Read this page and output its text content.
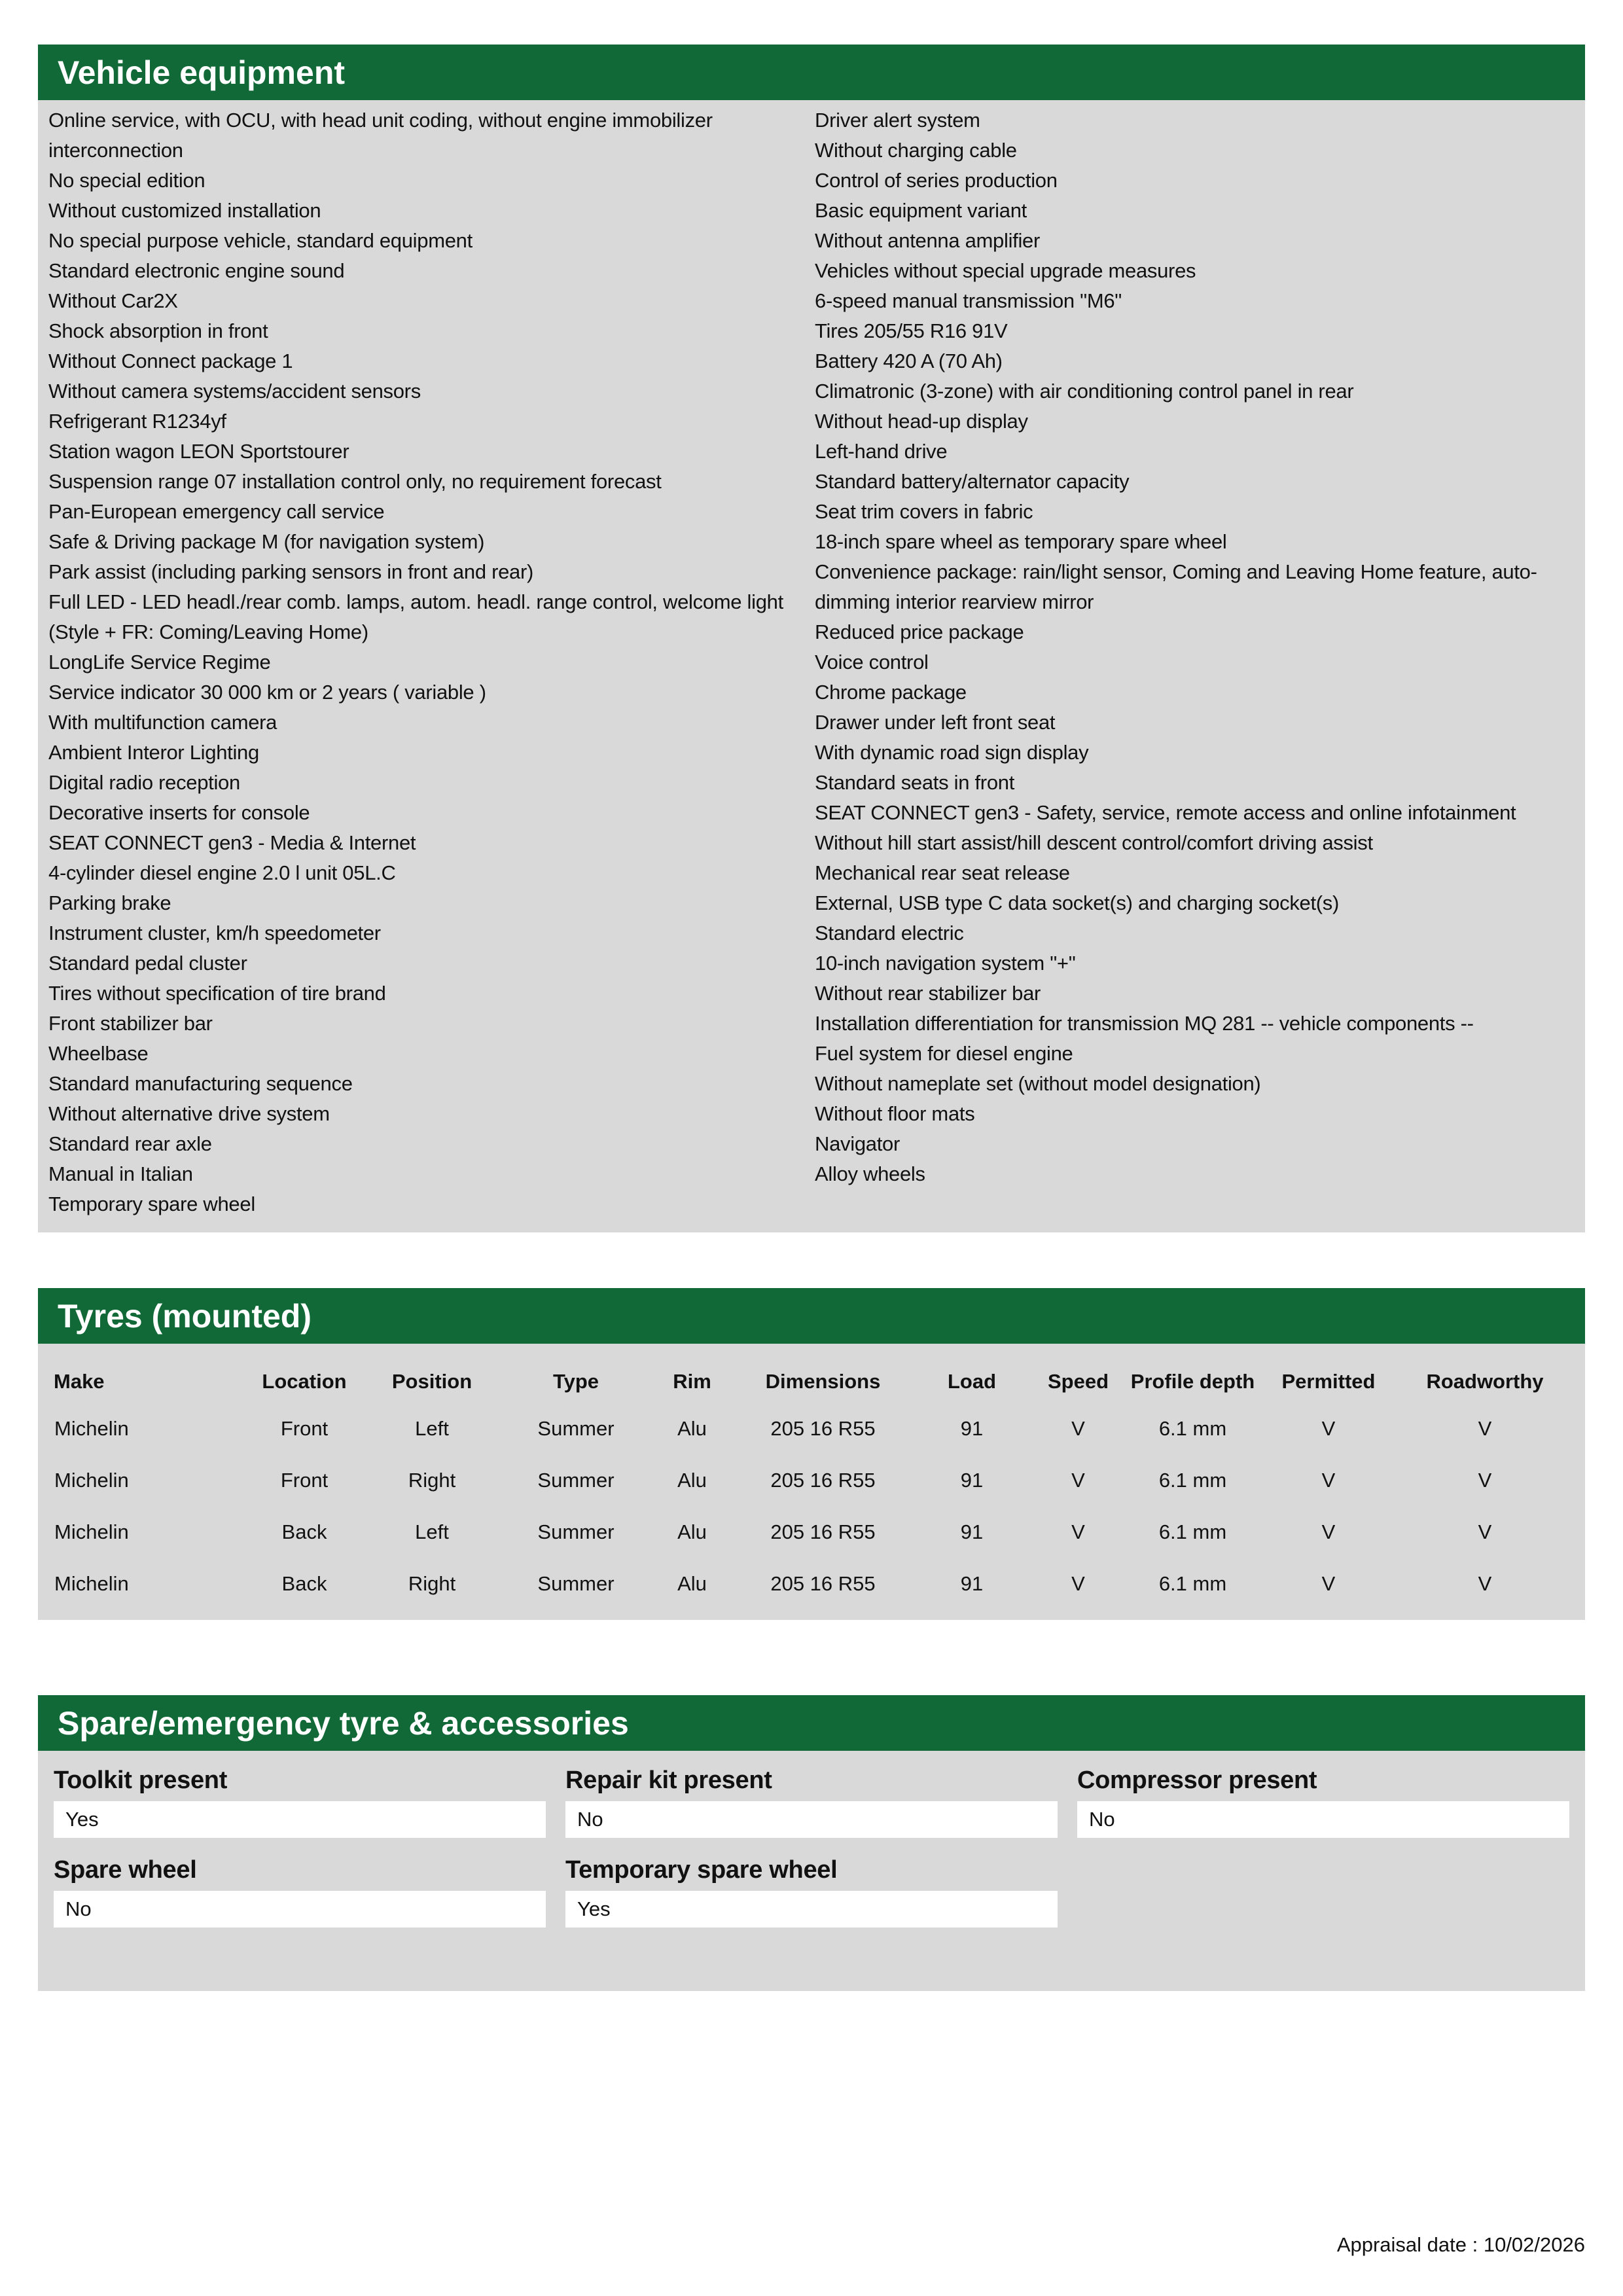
Vehicle equipment
Online service, with OCU, with head unit coding, without engine immobilizer interconnection
No special edition
Without customized installation
No special purpose vehicle, standard equipment
Standard electronic engine sound
Without Car2X
Shock absorption in front
Without Connect package 1
Without camera systems/accident sensors
Refrigerant R1234yf
Station wagon LEON Sportstourer
Suspension range 07 installation control only, no requirement forecast
Pan-European emergency call service
Safe & Driving package M (for navigation system)
Park assist (including parking sensors in front and rear)
Full LED - LED headl./rear comb. lamps, autom. headl. range control, welcome light (Style + FR: Coming/Leaving Home)
LongLife Service Regime
Service indicator 30 000 km or 2 years ( variable )
With multifunction camera
Ambient Interor Lighting
Digital radio reception
Decorative inserts for console
SEAT CONNECT gen3 - Media & Internet
4-cylinder diesel engine 2.0 l unit 05L.C
Parking brake
Instrument cluster, km/h speedometer
Standard pedal cluster
Tires without specification of tire brand
Front stabilizer bar
Wheelbase
Standard manufacturing sequence
Without alternative drive system
Standard rear axle
Manual in Italian
Temporary spare wheel
Driver alert system
Without charging cable
Control of series production
Basic equipment variant
Without antenna amplifier
Vehicles without special upgrade measures
6-speed manual transmission "M6"
Tires 205/55 R16 91V
Battery 420 A (70 Ah)
Climatronic (3-zone) with air conditioning control panel in rear
Without head-up display
Left-hand drive
Standard battery/alternator capacity
Seat trim covers in fabric
18-inch spare wheel as temporary spare wheel
Convenience package: rain/light sensor, Coming and Leaving Home feature, auto-dimming interior rearview mirror
Reduced price package
Voice control
Chrome package
Drawer under left front seat
With dynamic road sign display
Standard seats in front
SEAT CONNECT gen3 - Safety, service, remote access and online infotainment
Without hill start assist/hill descent control/comfort driving assist
Mechanical rear seat release
External, USB type C data socket(s) and charging socket(s)
Standard electric
10-inch navigation system "+"
Without rear stabilizer bar
Installation differentiation for transmission MQ 281 -- vehicle components --
Fuel system for diesel engine
Without nameplate set (without model designation)
Without floor mats
Navigator
Alloy wheels
Tyres (mounted)
Make	Location	Position	Type	Rim	Dimensions	Load	Speed	Profile depth	Permitted	Roadworthy
Michelin	Front	Left	Summer	Alu	205 16 R55	91	V	6.1 mm	V	V
Michelin	Front	Right	Summer	Alu	205 16 R55	91	V	6.1 mm	V	V
Michelin	Back	Left	Summer	Alu	205 16 R55	91	V	6.1 mm	V	V
Michelin	Back	Right	Summer	Alu	205 16 R55	91	V	6.1 mm	V	V
Spare/emergency tyre & accessories
Toolkit present
Yes
Repair kit present
No
Compressor present
No
Spare wheel
No
Temporary spare wheel
Yes
Appraisal date : 10/02/2026
